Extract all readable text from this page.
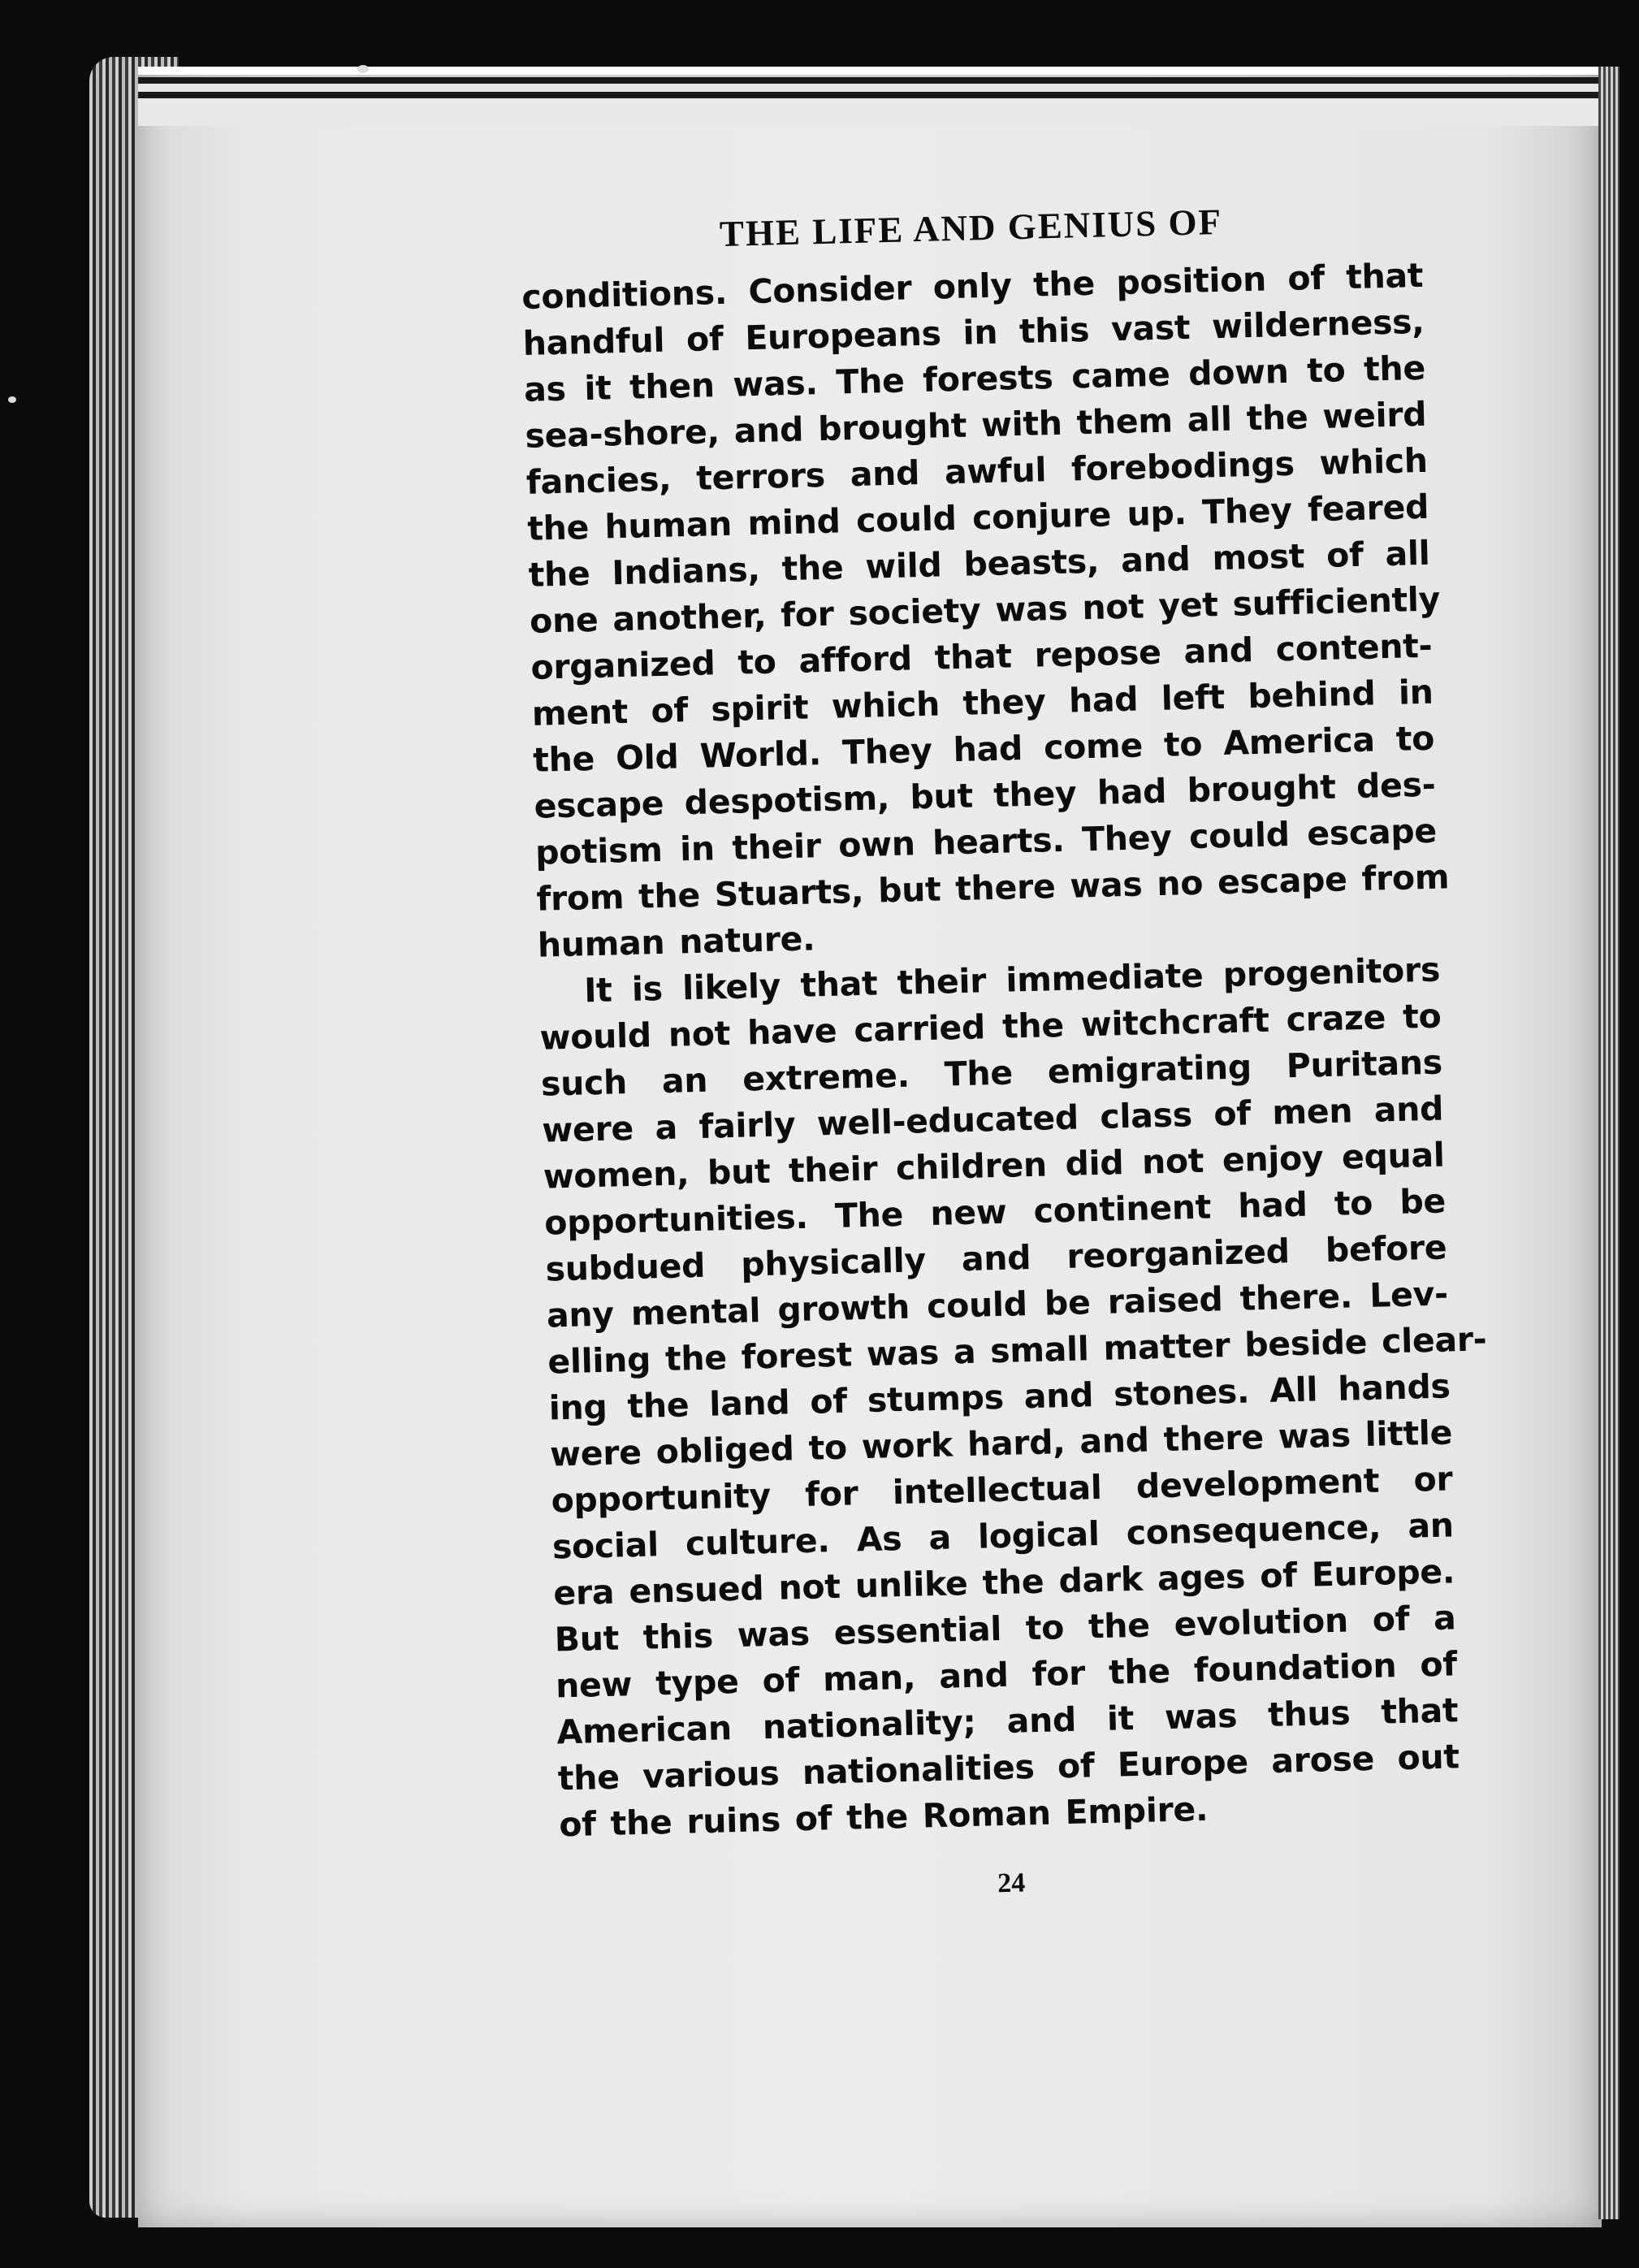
THE LIFE AND GENIUS OF
conditions. Consider only the position of that
handful of Europeans in this vast wilderness,
as it then was. The forests came down to the
sea-shore, and brought with them all the weird
fancies, terrors and awful forebodings which
the human mind could conjure up. They feared
the Indians, the wild beasts, and most of all
one another, for society was not yet sufficiently
organized to afford that repose and content-
ment of spirit which they had left behind in
the Old World. They had come to America to
escape despotism, but they had brought des-
potism in their own hearts. They could escape
from the Stuarts, but there was no escape from
human nature.
It is likely that their immediate progenitors
would not have carried the witchcraft craze to
such an extreme. The emigrating Puritans
were a fairly well-educated class of men and
women, but their children did not enjoy equal
opportunities. The new continent had to be
subdued physically and reorganized before
any mental growth could be raised there. Lev-
elling the forest was a small matter beside clear-
ing the land of stumps and stones. All hands
were obliged to work hard, and there was little
opportunity for intellectual development or
social culture. As a logical consequence, an
era ensued not unlike the dark ages of Europe.
But this was essential to the evolution of a
new type of man, and for the foundation of
American nationality; and it was thus that
the various nationalities of Europe arose out
of the ruins of the Roman Empire.
24
